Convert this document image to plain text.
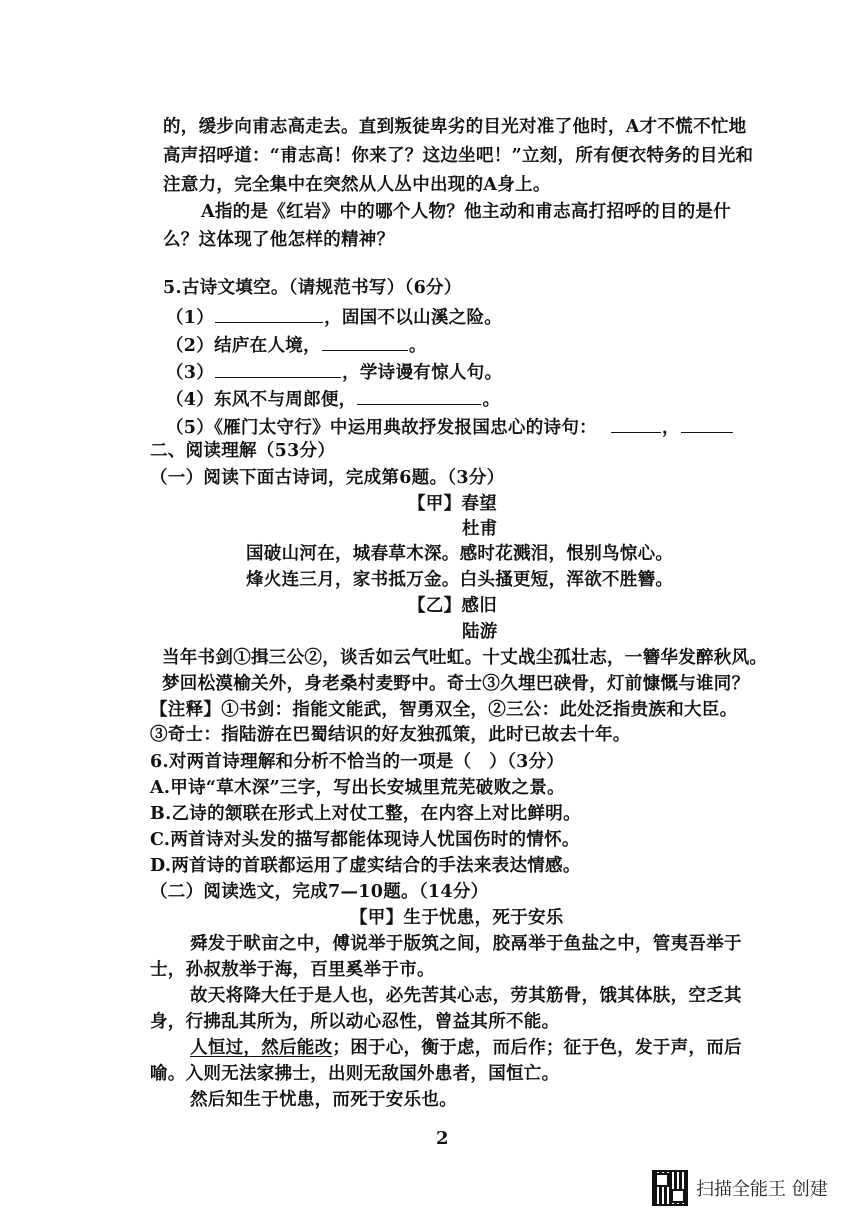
的，缓步向甫志高走去。直到叛徒卑劣的目光对准了他时，A才不慌不忙地
高声招呼道：“甫志高！你来了？这边坐吧！”立刻，所有便衣特务的目光和
注意力，完全集中在突然从人丛中出现的A身上。
A指的是《红岩》中的哪个人物？他主动和甫志高打招呼的目的是什
么？这体现了他怎样的精神？
5.古诗文填空。（请规范书写）（6分）
（1）	，固国不以山溪之险。
（2）结庐在人境，	。
（3）	，学诗谩有惊人句。
（4）东风不与周郎便，	。
（5）《雁门太守行》中运用典故抒发报国忠心的诗句：	，
二、阅读理解（53分）
（一）阅读下面古诗词，完成第6题。（3分）
【甲】春望
杜甫
国破山河在，城春草木深。感时花溅泪，恨别鸟惊心。
烽火连三月，家书抵万金。白头搔更短，浑欲不胜簪。
【乙】感旧
陆游
当年书剑①揖三公②，谈舌如云气吐虹。十丈战尘孤壮志，一簪华发醉秋风。
梦回松漠榆关外，身老桑村麦野中。奇士③久埋巴硖骨，灯前慷慨与谁同？
【注释】①书剑：指能文能武，智勇双全，②三公：此处泛指贵族和大臣。
③奇士：指陆游在巴蜀结识的好友独孤策，此时已故去十年。
6.对两首诗理解和分析不恰当的一项是（　）（3分）
A.甲诗“草木深”三字，写出长安城里荒芜破败之景。
B.乙诗的颔联在形式上对仗工整，在内容上对比鲜明。
C.两首诗对头发的描写都能体现诗人忧国伤时的情怀。
D.两首诗的首联都运用了虚实结合的手法来表达情感。
（二）阅读选文，完成7—10题。（14分）
【甲】生于忧患，死于安乐
舜发于畎亩之中，傅说举于版筑之间，胶鬲举于鱼盐之中，管夷吾举于
士，孙叔敖举于海，百里奚举于市。
故天将降大任于是人也，必先苦其心志，劳其筋骨，饿其体肤，空乏其
身，行拂乱其所为，所以动心忍性，曾益其所不能。
人恒过，然后能改；困于心，衡于虑，而后作；征于色，发于声，而后
喻。入则无法家拂士，出则无敌国外患者，国恒亡。
然后知生于忧患，而死于安乐也。
2
扫描全能王 创建
